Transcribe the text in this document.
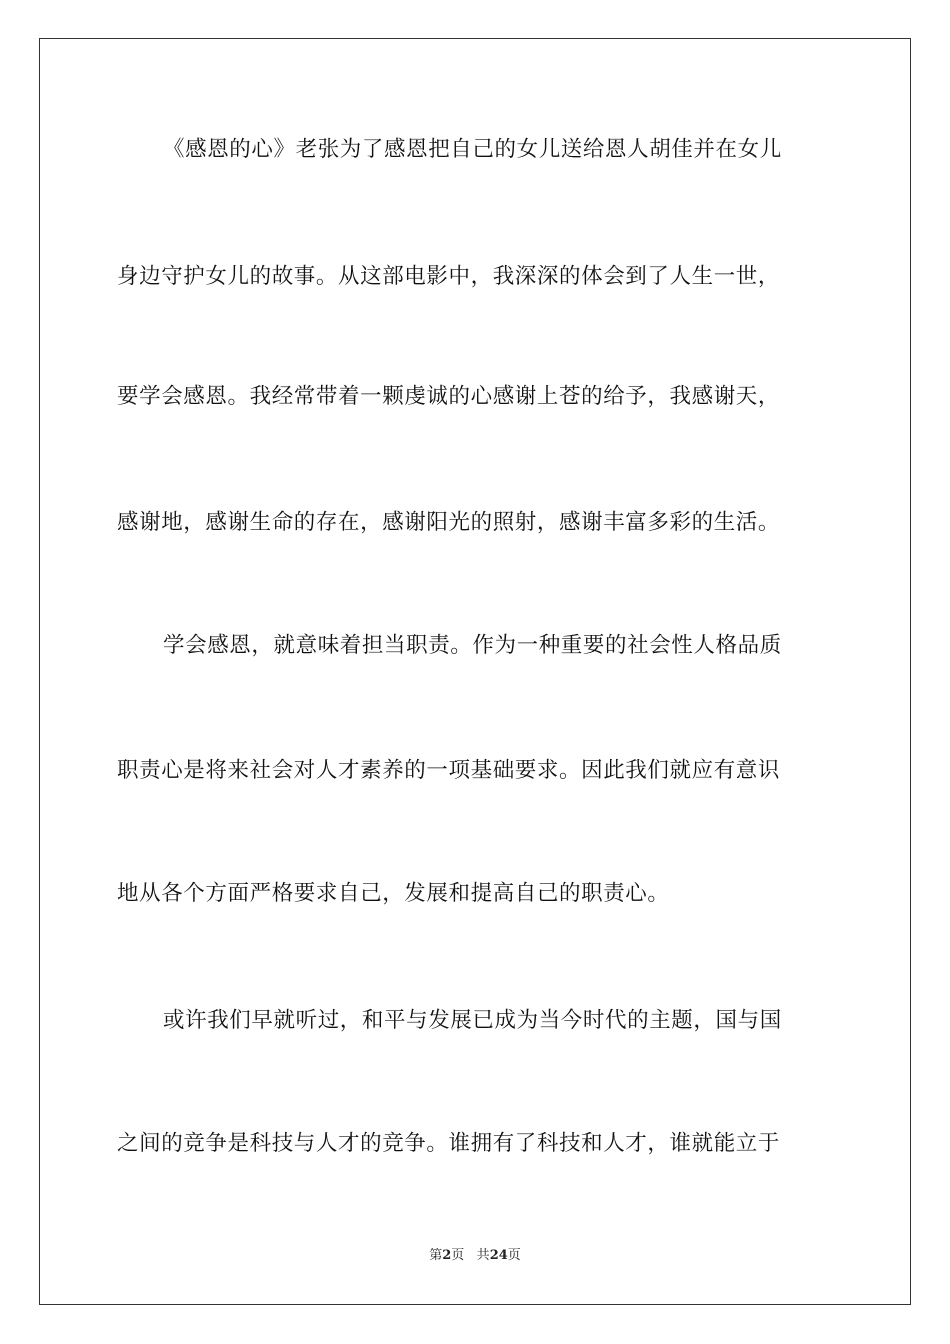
《感恩的心》老张为了感恩把自己的女儿送给恩人胡佳并在女儿
身边守护女儿的故事。从这部电影中，我深深的体会到了人生一世，
要学会感恩。我经常带着一颗虔诚的心感谢上苍的给予，我感谢天，
感谢地，感谢生命的存在，感谢阳光的照射，感谢丰富多彩的生活。
学会感恩，就意味着担当职责。作为一种重要的社会性人格品质
职责心是将来社会对人才素养的一项基础要求。因此我们就应有意识
地从各个方面严格要求自己，发展和提高自己的职责心。
或许我们早就听过，和平与发展已成为当今时代的主题，国与国
之间的竞争是科技与人才的竞争。谁拥有了科技和人才，谁就能立于
第2页 共24页
